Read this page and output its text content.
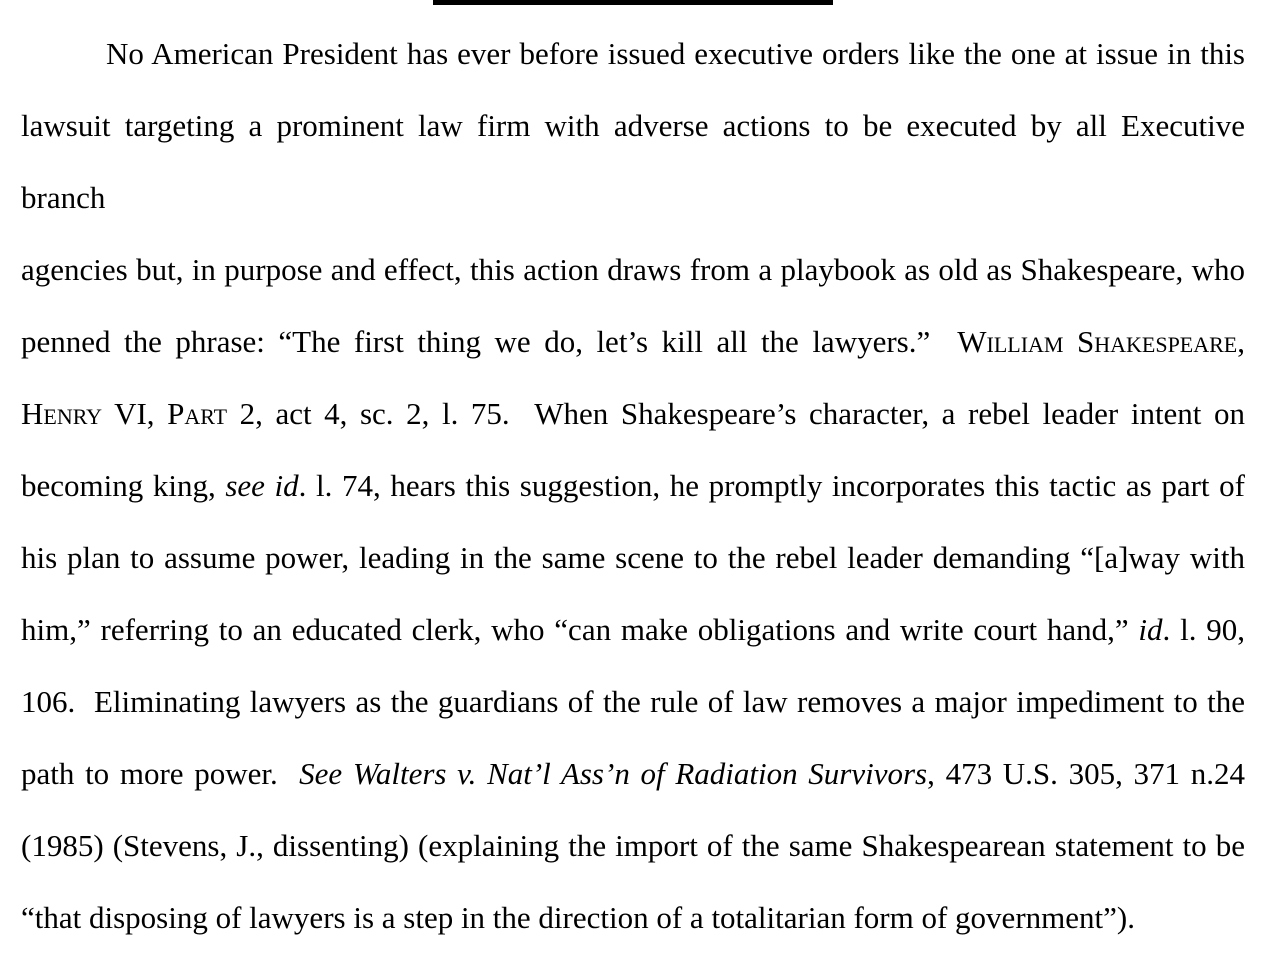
No American President has ever before issued executive orders like the one at issue in this
lawsuit targeting a prominent law firm with adverse actions to be executed by all Executive branch
agencies but, in purpose and effect, this action draws from a playbook as old as Shakespeare, who
penned the phrase: “The first thing we do, let’s kill all the lawyers.”  William Shakespeare,
Henry VI, Part 2, act 4, sc. 2, l. 75.  When Shakespeare’s character, a rebel leader intent on
becoming king, see id. l. 74, hears this suggestion, he promptly incorporates this tactic as part of
his plan to assume power, leading in the same scene to the rebel leader demanding “[a]way with
him,” referring to an educated clerk, who “can make obligations and write court hand,” id. l. 90,
106.  Eliminating lawyers as the guardians of the rule of law removes a major impediment to the
path to more power.  See Walters v. Nat’l Ass’n of Radiation Survivors, 473 U.S. 305, 371 n.24
(1985) (Stevens, J., dissenting) (explaining the import of the same Shakespearean statement to be
“that disposing of lawyers is a step in the direction of a totalitarian form of government”).
